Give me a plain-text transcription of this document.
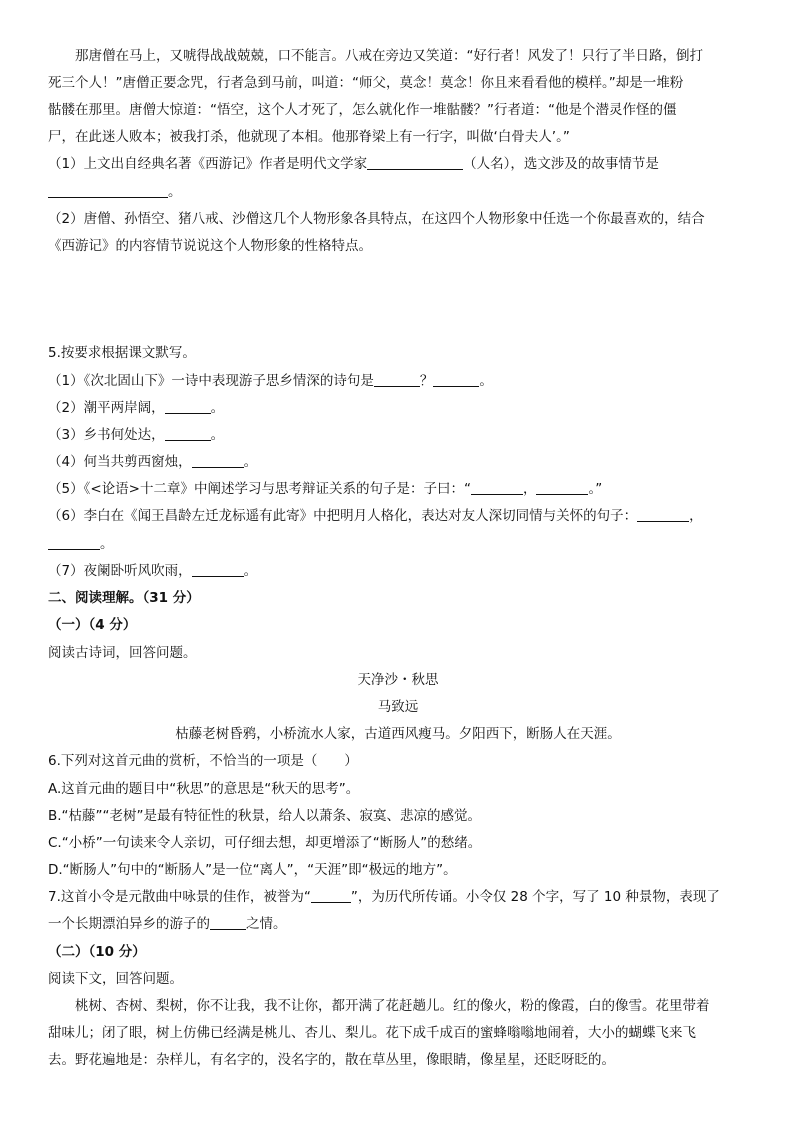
那唐僧在马上，又唬得战战兢兢，口不能言。八戒在旁边又笑道：“好行者！风发了！只行了半日路，倒打
死三个人！”唐僧正要念咒，行者急到马前，叫道：“师父，莫念！莫念！你且来看看他的模样。”却是一堆粉
骷髅在那里。唐僧大惊道：“悟空，这个人才死了，怎么就化作一堆骷髅？”行者道：“他是个潜灵作怪的僵
尸，在此迷人败本；被我打杀，他就现了本相。他那脊梁上有一行字，叫做‘白骨夫人’。”
（1）上文出自经典名著《西游记》作者是明代文学家	（人名），选文涉及的故事情节是
。
（2）唐僧、孙悟空、猪八戒、沙僧这几个人物形象各具特点，在这四个人物形象中任选一个你最喜欢的，结合
《西游记》的内容情节说说这个人物形象的性格特点。
5.按要求根据课文默写。
（1）《次北固山下》一诗中表现游子思乡情深的诗句是	？	。
（2）潮平两岸阔，	。
（3）乡书何处达，	。
（4）何当共剪西窗烛，	。
（5）《<论语>十二章》中阐述学习与思考辩证关系的句子是：子曰：“	，	。”
（6）李白在《闻王昌龄左迁龙标遥有此寄》中把明月人格化，表达对友人深切同情与关怀的句子：	，
。
（7）夜阑卧听风吹雨，	。
二、阅读理解。（31 分）
（一）（4 分）
阅读古诗词，回答问题。
天净沙・秋思
马致远
枯藤老树昏鸦，小桥流水人家，古道西风瘦马。夕阳西下，断肠人在天涯。
6.下列对这首元曲的赏析，不恰当的一项是（　　）
A.这首元曲的题目中“秋思”的意思是“秋天的思考”。
B.“枯藤”“老树”是最有特征性的秋景，给人以萧条、寂寞、悲凉的感觉。
C.“小桥”一句读来令人亲切，可仔细去想，却更增添了“断肠人”的愁绪。
D.“断肠人”句中的“断肠人”是一位“离人”，“天涯”即“极远的地方”。
7.这首小令是元散曲中咏景的佳作，被誉为“	”，为历代所传诵。小令仅 28 个字，写了 10 种景物，表现了
一个长期漂泊异乡的游子的	之情。
（二）（10 分）
阅读下文，回答问题。
桃树、杏树、梨树，你不让我，我不让你，都开满了花赶趟儿。红的像火，粉的像霞，白的像雪。花里带着
甜味儿；闭了眼，树上仿佛已经满是桃儿、杏儿、梨儿。花下成千成百的蜜蜂嗡嗡地闹着，大小的蝴蝶飞来飞
去。野花遍地是：杂样儿，有名字的，没名字的，散在草丛里，像眼睛，像星星，还眨呀眨的。
